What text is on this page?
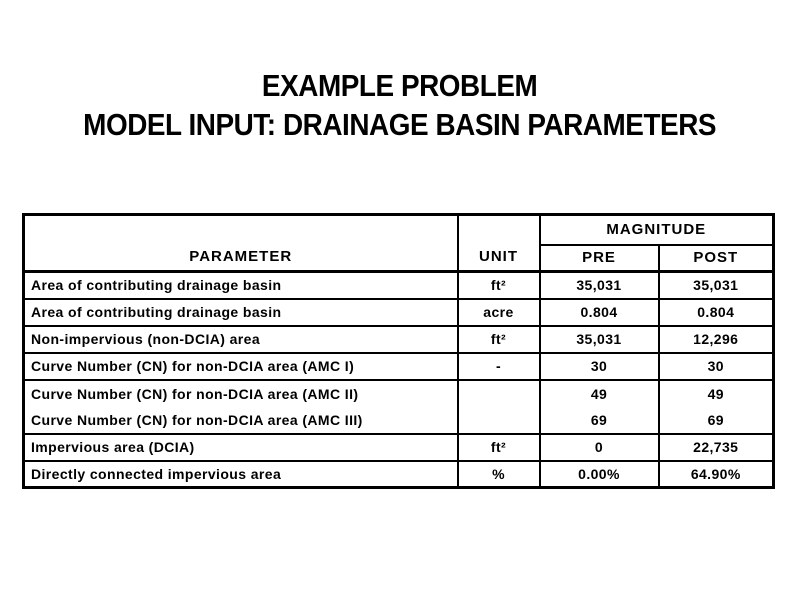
EXAMPLE PROBLEM
MODEL INPUT: DRAINAGE BASIN PARAMETERS
PARAMETER	UNIT	MAGNITUDE	
		PRE	POST
Area of contributing drainage basin	ft²	35,031	35,031
Area of contributing drainage basin	acre	0.804	0.804
Non-impervious (non-DCIA) area	ft²	35,031	12,296
Curve Number (CN) for non-DCIA area (AMC I)	-	30	30
Curve Number (CN) for non-DCIA area (AMC II)		49	49
Curve Number (CN) for non-DCIA area (AMC III)		69	69
Impervious area (DCIA)	ft²	0	22,735
Directly connected impervious area	%	0.00%	64.90%
